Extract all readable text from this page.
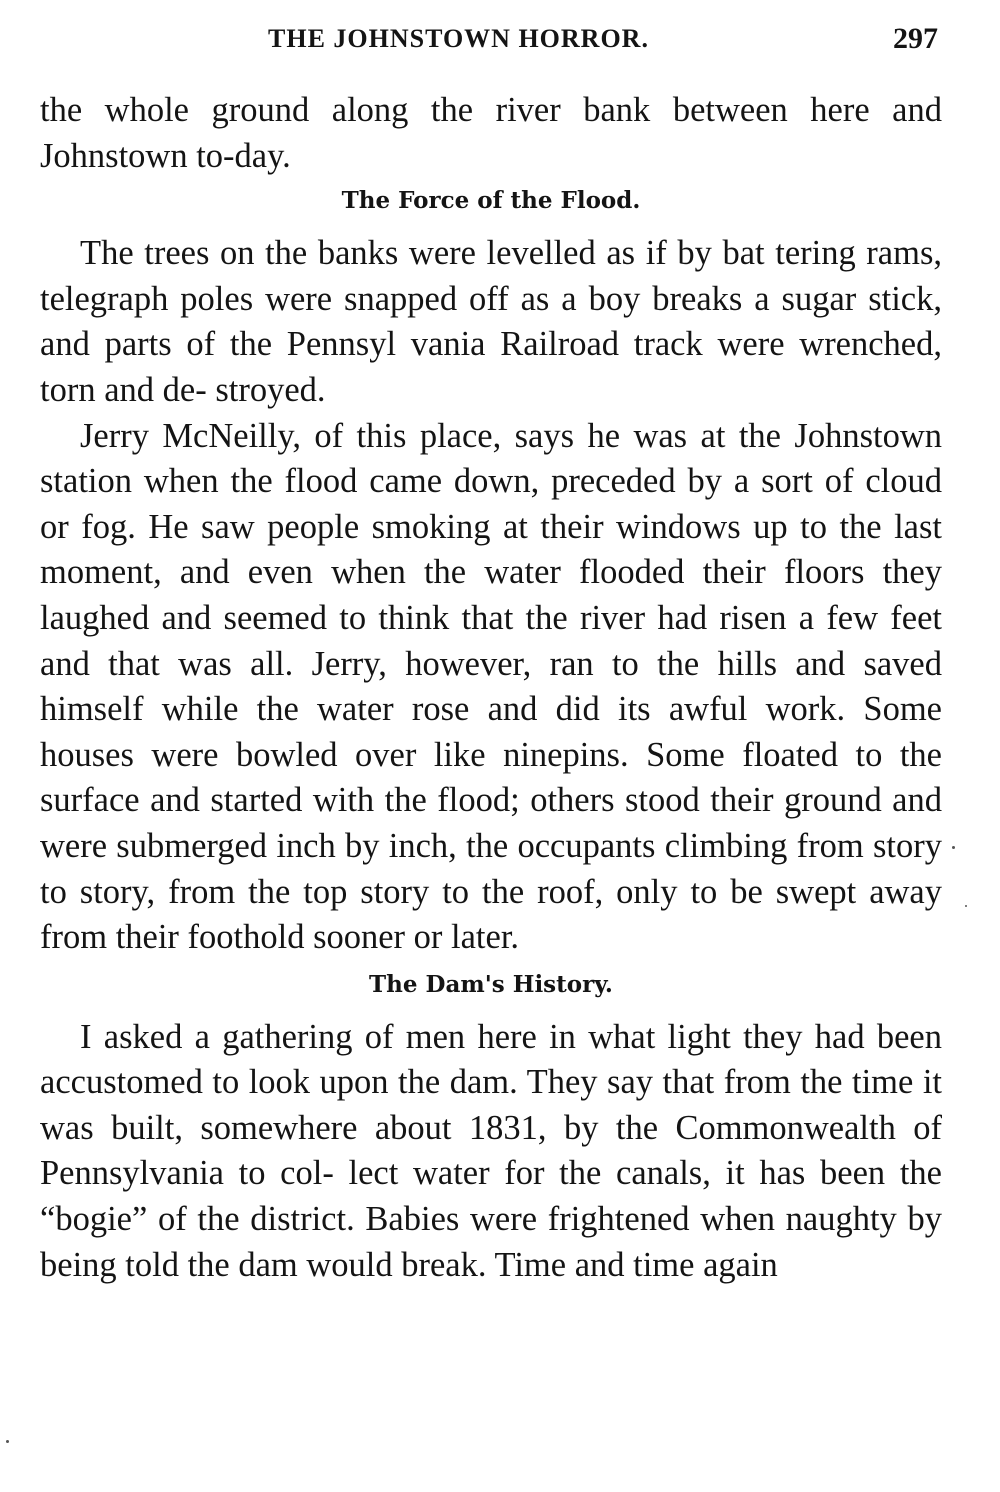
THE JOHNSTOWN HORROR.	297

the whole ground along the river bank between here and Johnstown to-day.

The Force of the Flood.

The trees on the banks were levelled as if by bat tering rams, telegraph poles were snapped off as a boy breaks a sugar stick, and parts of the Pennsyl vania Railroad track were wrenched, torn and de- stroyed.

Jerry McNeilly, of this place, says he was at the Johnstown station when the flood came down, preceded by a sort of cloud or fog. He saw people smoking at their windows up to the last moment, and even when the water flooded their floors they laughed and seemed to think that the river had risen a few feet and that was all. Jerry, however, ran to the hills and saved himself while the water rose and did its awful work. Some houses were bowled over like ninepins. Some floated to the surface and started with the flood; others stood their ground and were submerged inch by inch, the occupants climbing from story to story, from the top story to the roof, only to be swept away from their foothold sooner or later.

The Dam's History.

I asked a gathering of men here in what light they had been accustomed to look upon the dam. They say that from the time it was built, somewhere about 1831, by the Commonwealth of Pennsylvania to col- lect water for the canals, it has been the “bogie” of the district. Babies were frightened when naughty by being told the dam would break. Time and time again
